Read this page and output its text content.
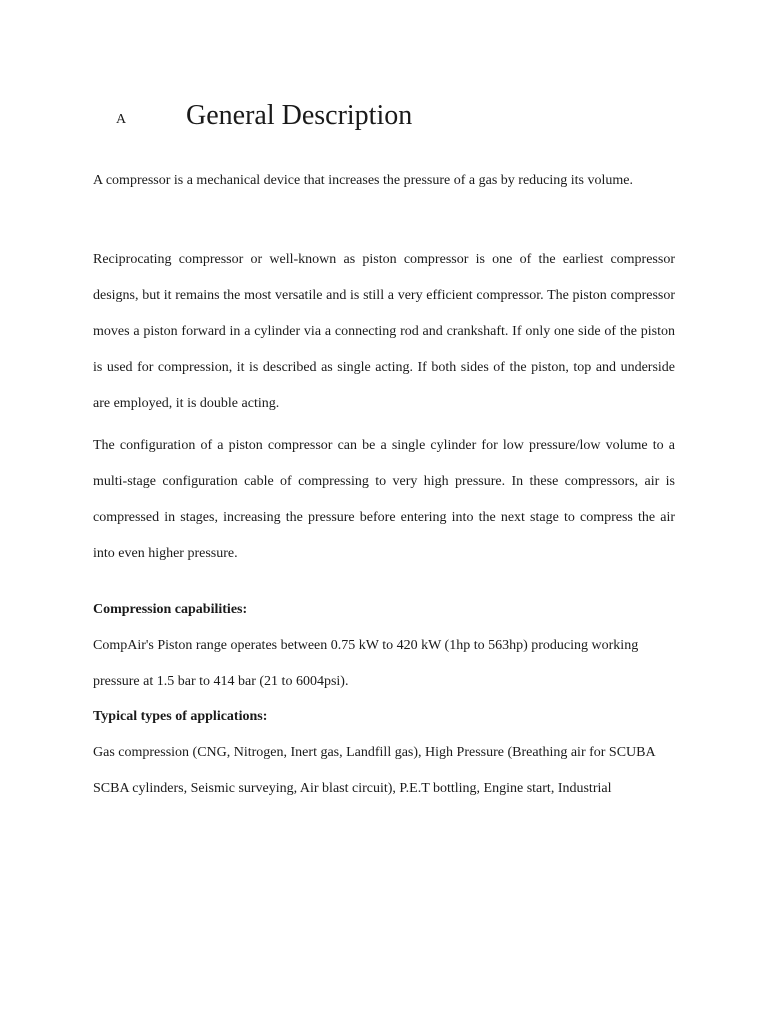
A General Description

A compressor is a mechanical device that increases the pressure of a gas by reducing its volume.

Reciprocating compressor or well-known as piston compressor is one of the earliest compressor designs, but it remains the most versatile and is still a very efficient compressor. The piston compressor moves a piston forward in a cylinder via a connecting rod and crankshaft. If only one side of the piston is used for compression, it is described as single acting. If both sides of the piston, top and underside are employed, it is double acting.

The configuration of a piston compressor can be a single cylinder for low pressure/low volume to a multi-stage configuration cable of compressing to very high pressure. In these compressors, air is compressed in stages, increasing the pressure before entering into the next stage to compress the air into even higher pressure.

Compression capabilities:

CompAir's Piston range operates between 0.75 kW to 420 kW (1hp to 563hp) producing working pressure at 1.5 bar to 414 bar (21 to 6004psi).

Typical types of applications:

Gas compression (CNG, Nitrogen, Inert gas, Landfill gas), High Pressure (Breathing air for SCUBA SCBA cylinders, Seismic surveying, Air blast circuit), P.E.T bottling, Engine start, Industrial
